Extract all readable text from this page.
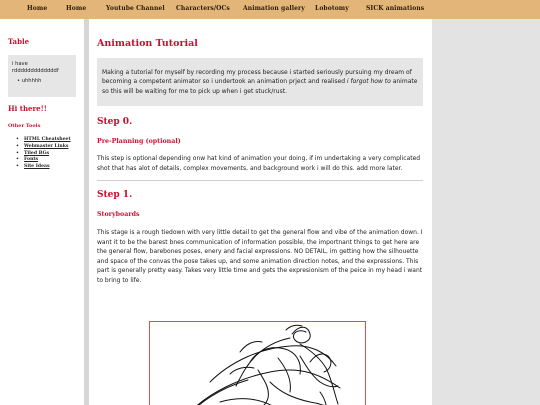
Home	Home	Youtube Channel Characters/OCs Animation gallery Lobotomy	SICK animations
Table
i have
rdddddddddddddf
• uhhhhh
Hi there!!
Other Tools
• HTML Cheatsheet
• Webmaster Links
• Tiled BGs
• Fonts
• Site Ideas
Animation Tutorial
Making a tutorial for myself by recording my process because i started seriously pursuing my dream of becoming a competent animator so i undertook an animation prject and realised i forgot how to animate so this will be waiting for me to pick up when i get stuck/rust.
Step 0.
Pre-Planning (optional)
This step is optional depending onw hat kind of animation your doing, if im undertaking a very complicated shot that has alot of details, complex movements, and background work i will do this. add more later.
Step 1.
Storyboards
This stage is a rough tiedown with very little detail to get the general flow and vibe of the animation down. I want it to be the barest bnes communication of information possible, the importnant things to get here are the general flow, barebones poses, enery and facial expressions. NO DETAIL, im getting how the silhouette and space of the convas the pose takes up, and some animation direction notes, and the expressions. This part is generally pretty easy. Takes very little time and gets the expresionism of the peice in my head i want to bring to life.
